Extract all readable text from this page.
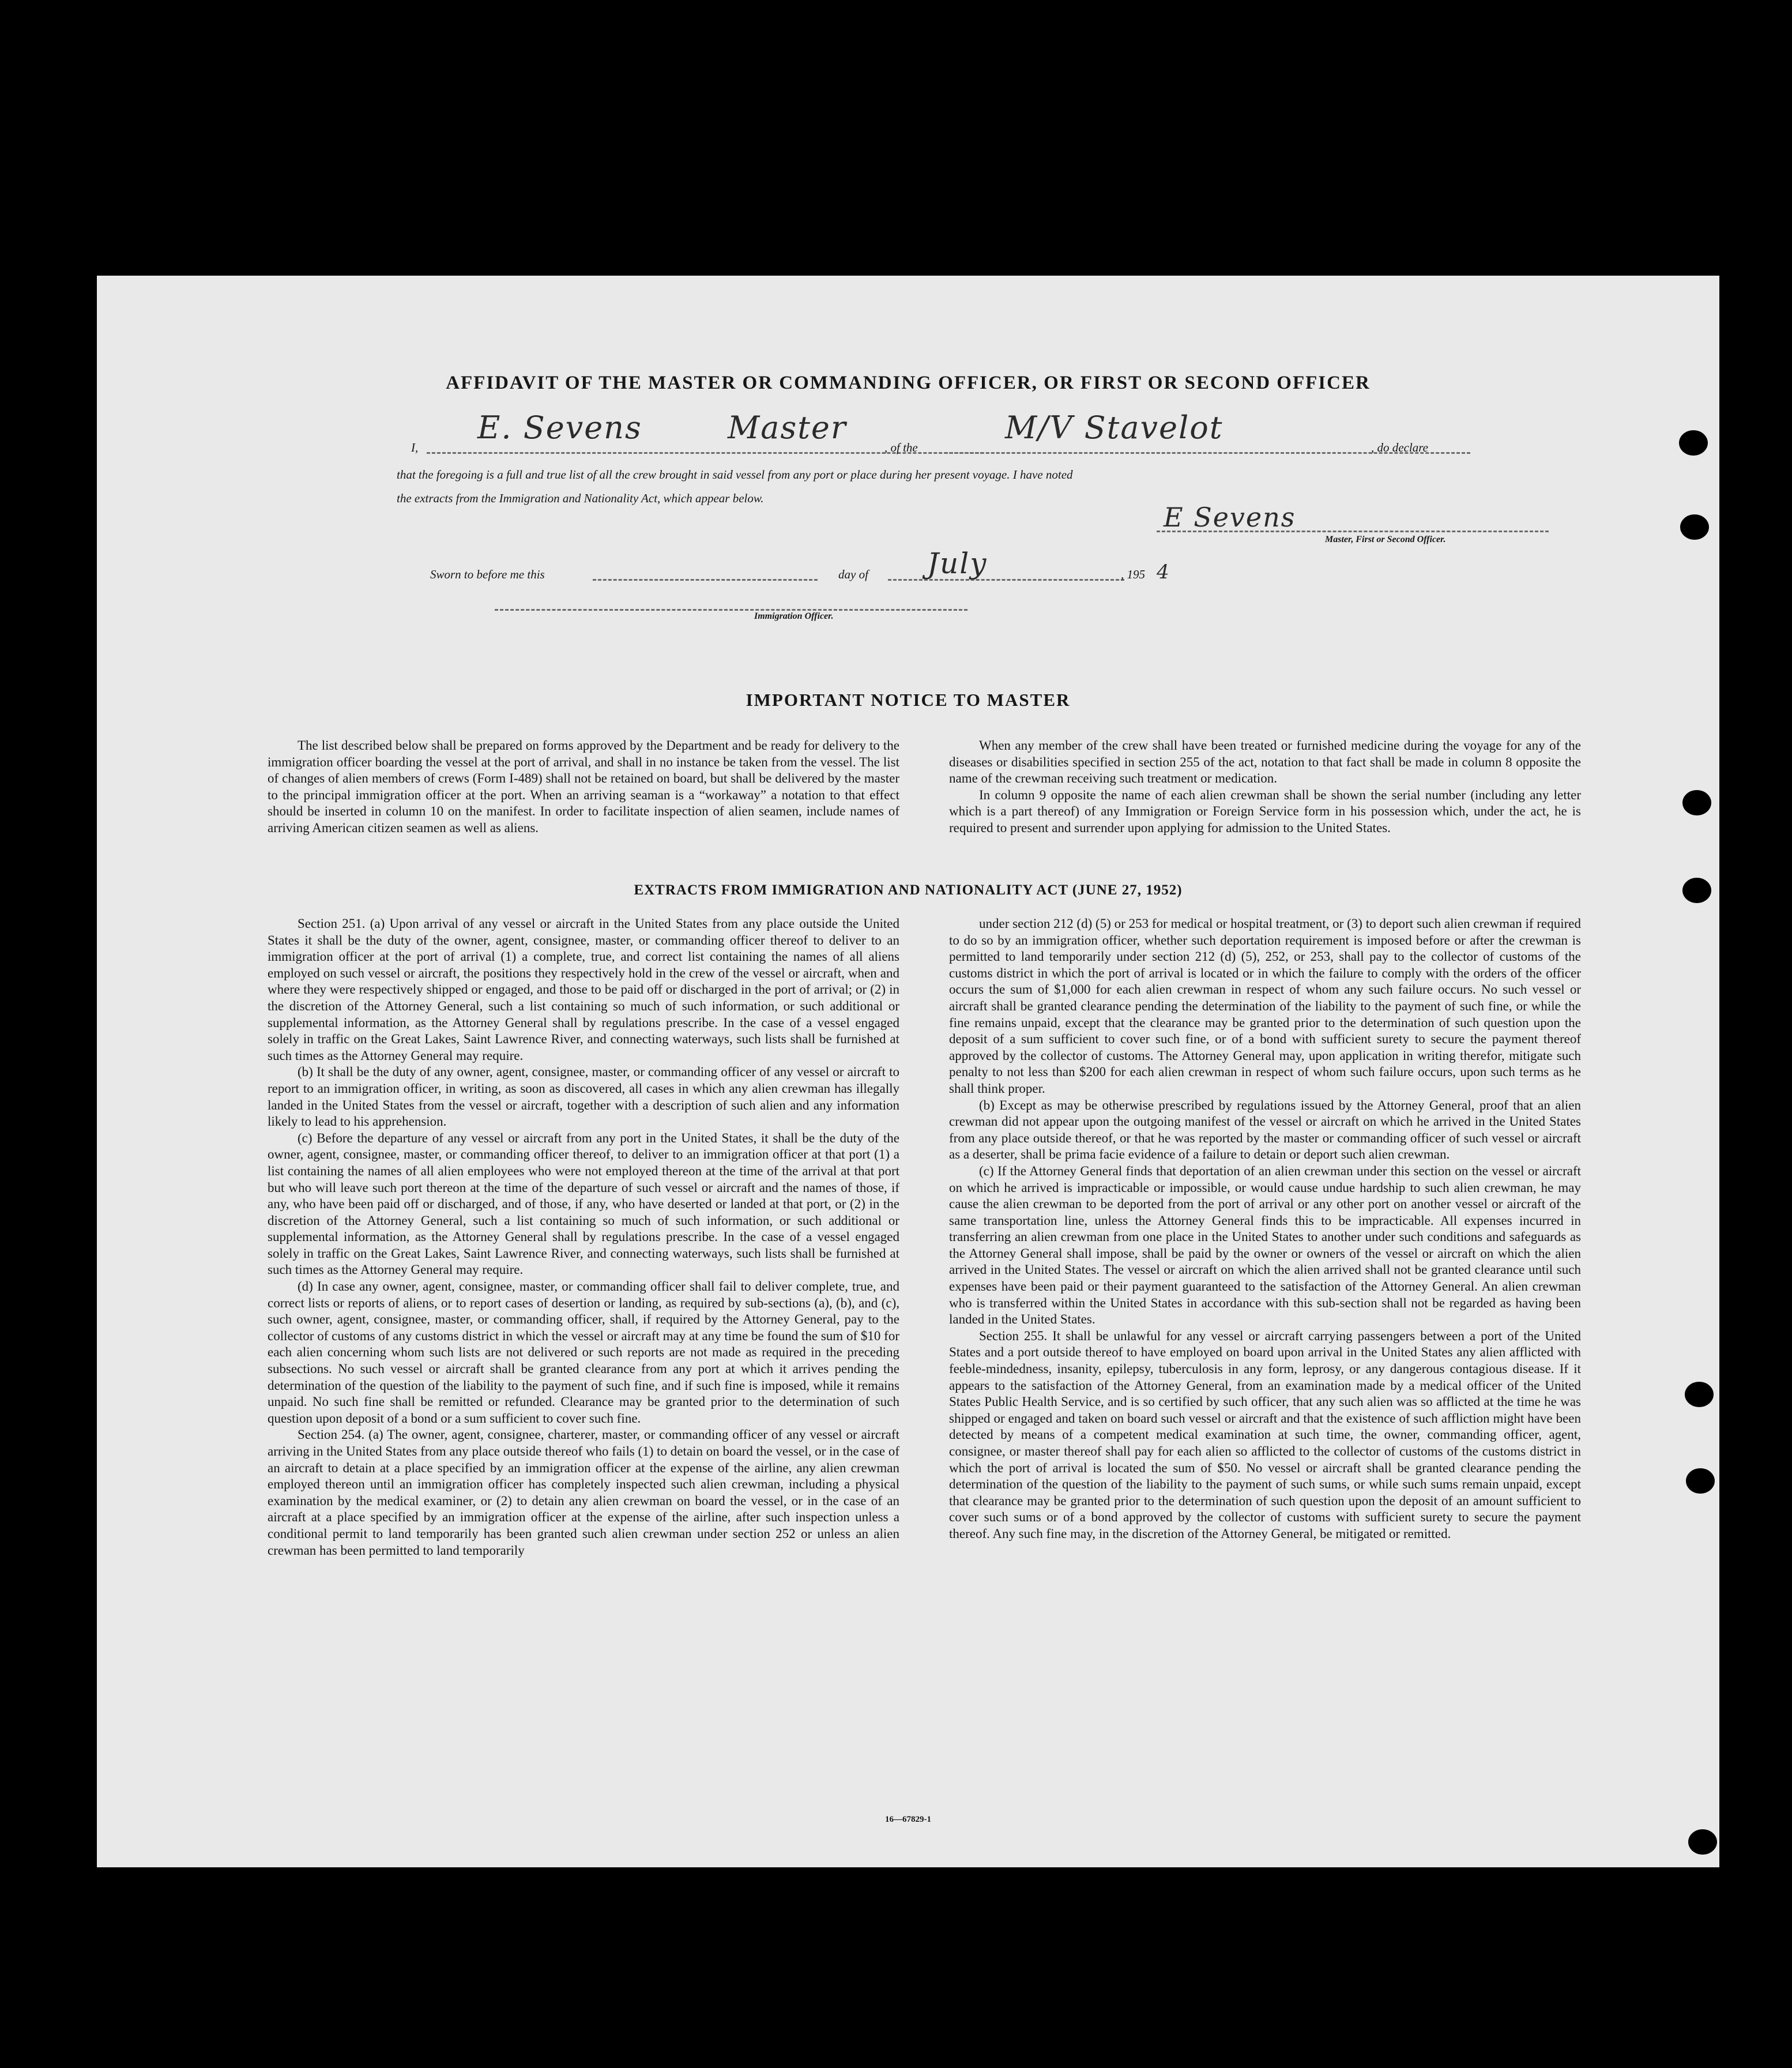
AFFIDAVIT OF THE MASTER OR COMMANDING OFFICER, OR FIRST OR SECOND OFFICER
I,
E. Sevens	Master
, of the
M/V Stavelot
, do declare
that the foregoing is a full and true list of all the crew brought in said vessel from any port or place during her present voyage. I have noted
the extracts from the Immigration and Nationality Act, which appear below.
E Sevens
Master, First or Second Officer.
Sworn to before me this	day of July	, 195 4
Immigration Officer.
IMPORTANT NOTICE TO MASTER

The list described below shall be prepared on forms approved by the Department and be ready for delivery to the immigration officer boarding the vessel at the port of arrival, and shall in no instance be taken from the vessel. The list of changes of alien members of crews (Form I-489) shall not be retained on board, but shall be delivered by the master to the principal immigration officer at the port. When an arriving seaman is a “workaway” a notation to that effect should be inserted in column 10 on the manifest. In order to facilitate inspection of alien seamen, include names of arriving American citizen seamen as well as aliens.

When any member of the crew shall have been treated or furnished medicine during the voyage for any of the diseases or disabilities specified in section 255 of the act, notation to that fact shall be made in column 8 opposite the name of the crewman receiving such treatment or medication.

In column 9 opposite the name of each alien crewman shall be shown the serial number (including any letter which is a part thereof) of any Immigration or Foreign Service form in his possession which, under the act, he is required to present and surrender upon applying for admission to the United States.

EXTRACTS FROM IMMIGRATION AND NATIONALITY ACT (JUNE 27, 1952)

Section 251. (a) Upon arrival of any vessel or aircraft in the United States from any place outside the United States it shall be the duty of the owner, agent, consignee, master, or commanding officer thereof to deliver to an immigration officer at the port of arrival (1) a complete, true, and correct list containing the names of all aliens employed on such vessel or aircraft, the positions they respectively hold in the crew of the vessel or aircraft, when and where they were respectively shipped or engaged, and those to be paid off or discharged in the port of arrival; or (2) in the discretion of the Attorney General, such a list containing so much of such information, or such additional or supplemental information, as the Attorney General shall by regulations prescribe. In the case of a vessel engaged solely in traffic on the Great Lakes, Saint Lawrence River, and connecting waterways, such lists shall be furnished at such times as the Attorney General may require.

(b) It shall be the duty of any owner, agent, consignee, master, or commanding officer of any vessel or aircraft to report to an immigration officer, in writing, as soon as discovered, all cases in which any alien crewman has illegally landed in the United States from the vessel or aircraft, together with a description of such alien and any information likely to lead to his apprehension.

(c) Before the departure of any vessel or aircraft from any port in the United States, it shall be the duty of the owner, agent, consignee, master, or commanding officer thereof, to deliver to an immigration officer at that port (1) a list containing the names of all alien employees who were not employed thereon at the time of the arrival at that port but who will leave such port thereon at the time of the departure of such vessel or aircraft and the names of those, if any, who have been paid off or discharged, and of those, if any, who have deserted or landed at that port, or (2) in the discretion of the Attorney General, such a list containing so much of such information, or such additional or supplemental information, as the Attorney General shall by regulations prescribe. In the case of a vessel engaged solely in traffic on the Great Lakes, Saint Lawrence River, and connecting waterways, such lists shall be furnished at such times as the Attorney General may require.

(d) In case any owner, agent, consignee, master, or commanding officer shall fail to deliver complete, true, and correct lists or reports of aliens, or to report cases of desertion or landing, as required by sub-sections (a), (b), and (c), such owner, agent, consignee, master, or commanding officer, shall, if required by the Attorney General, pay to the collector of customs of any customs district in which the vessel or aircraft may at any time be found the sum of $10 for each alien concerning whom such lists are not delivered or such reports are not made as required in the preceding subsections. No such vessel or aircraft shall be granted clearance from any port at which it arrives pending the determination of the question of the liability to the payment of such fine, and if such fine is imposed, while it remains unpaid. No such fine shall be remitted or refunded. Clearance may be granted prior to the determination of such question upon deposit of a bond or a sum sufficient to cover such fine.

Section 254. (a) The owner, agent, consignee, charterer, master, or commanding officer of any vessel or aircraft arriving in the United States from any place outside thereof who fails (1) to detain on board the vessel, or in the case of an aircraft to detain at a place specified by an immigration officer at the expense of the airline, any alien crewman employed thereon until an immigration officer has completely inspected such alien crewman, including a physical examination by the medical examiner, or (2) to detain any alien crewman on board the vessel, or in the case of an aircraft at a place specified by an immigration officer at the expense of the airline, after such inspection unless a conditional permit to land temporarily has been granted such alien crewman under section 252 or unless an alien crewman has been permitted to land temporarily

under section 212 (d) (5) or 253 for medical or hospital treatment, or (3) to deport such alien crewman if required to do so by an immigration officer, whether such deportation requirement is imposed before or after the crewman is permitted to land temporarily under section 212 (d) (5), 252, or 253, shall pay to the collector of customs of the customs district in which the port of arrival is located or in which the failure to comply with the orders of the officer occurs the sum of $1,000 for each alien crewman in respect of whom any such failure occurs. No such vessel or aircraft shall be granted clearance pending the determination of the liability to the payment of such fine, or while the fine remains unpaid, except that the clearance may be granted prior to the determination of such question upon the deposit of a sum sufficient to cover such fine, or of a bond with sufficient surety to secure the payment thereof approved by the collector of customs. The Attorney General may, upon application in writing therefor, mitigate such penalty to not less than $200 for each alien crewman in respect of whom such failure occurs, upon such terms as he shall think proper.

(b) Except as may be otherwise prescribed by regulations issued by the Attorney General, proof that an alien crewman did not appear upon the outgoing manifest of the vessel or aircraft on which he arrived in the United States from any place outside thereof, or that he was reported by the master or commanding officer of such vessel or aircraft as a deserter, shall be prima facie evidence of a failure to detain or deport such alien crewman.

(c) If the Attorney General finds that deportation of an alien crewman under this section on the vessel or aircraft on which he arrived is impracticable or impossible, or would cause undue hardship to such alien crewman, he may cause the alien crewman to be deported from the port of arrival or any other port on another vessel or aircraft of the same transportation line, unless the Attorney General finds this to be impracticable. All expenses incurred in transferring an alien crewman from one place in the United States to another under such conditions and safeguards as the Attorney General shall impose, shall be paid by the owner or owners of the vessel or aircraft on which the alien arrived in the United States. The vessel or aircraft on which the alien arrived shall not be granted clearance until such expenses have been paid or their payment guaranteed to the satisfaction of the Attorney General. An alien crewman who is transferred within the United States in accordance with this sub-section shall not be regarded as having been landed in the United States.

Section 255. It shall be unlawful for any vessel or aircraft carrying passengers between a port of the United States and a port outside thereof to have employed on board upon arrival in the United States any alien afflicted with feeble-mindedness, insanity, epilepsy, tuberculosis in any form, leprosy, or any dangerous contagious disease. If it appears to the satisfaction of the Attorney General, from an examination made by a medical officer of the United States Public Health Service, and is so certified by such officer, that any such alien was so afflicted at the time he was shipped or engaged and taken on board such vessel or aircraft and that the existence of such affliction might have been detected by means of a competent medical examination at such time, the owner, commanding officer, agent, consignee, or master thereof shall pay for each alien so afflicted to the collector of customs of the customs district in which the port of arrival is located the sum of $50. No vessel or aircraft shall be granted clearance pending the determination of the question of the liability to the payment of such sums, or while such sums remain unpaid, except that clearance may be granted prior to the determination of such question upon the deposit of an amount sufficient to cover such sums or of a bond approved by the collector of customs with sufficient surety to secure the payment thereof. Any such fine may, in the discretion of the Attorney General, be mitigated or remitted.

16—67829-1
